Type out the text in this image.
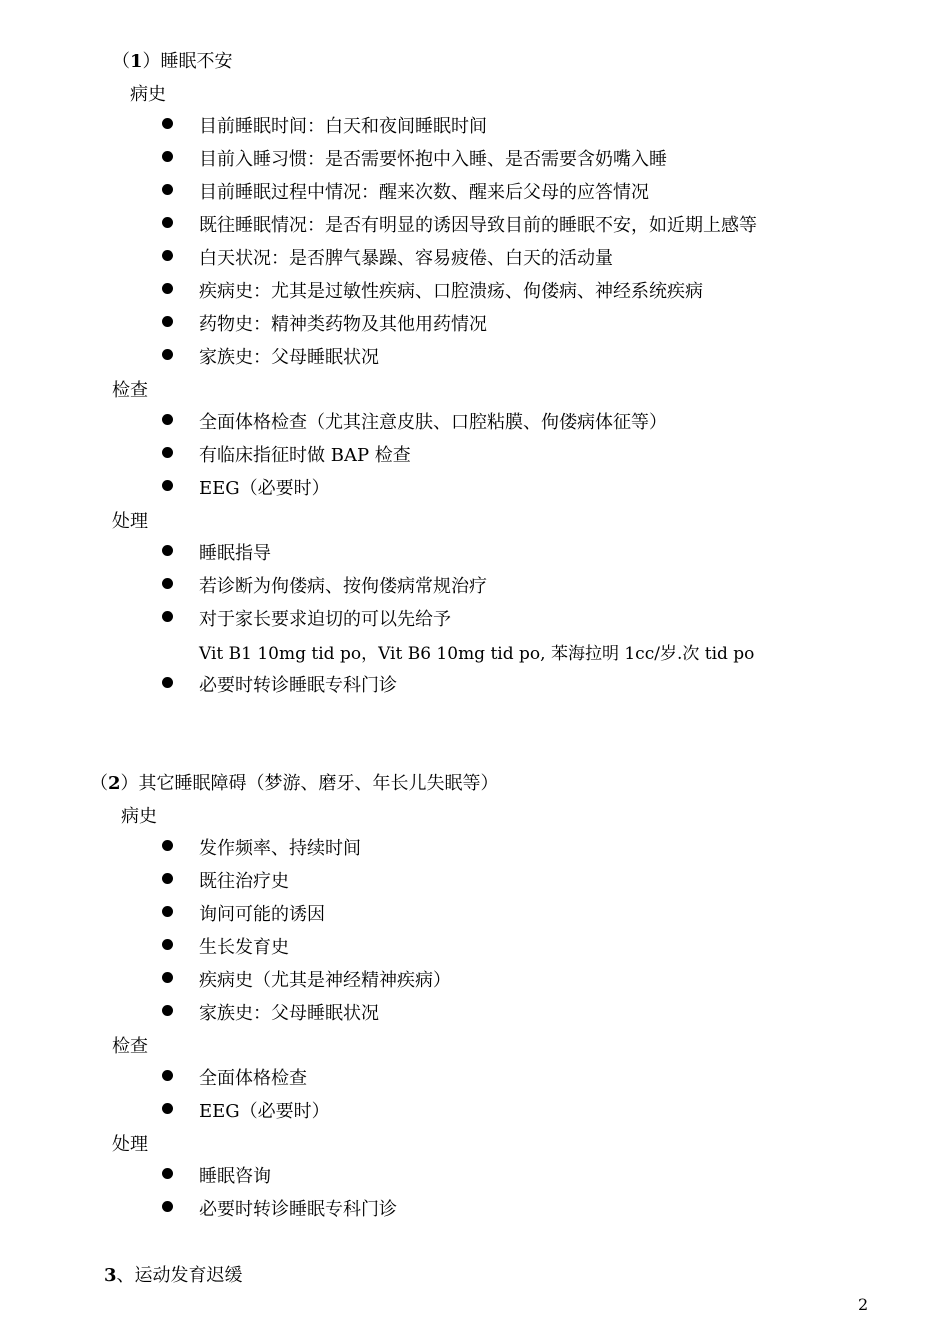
（1）睡眠不安
病史
目前睡眠时间：白天和夜间睡眠时间
目前入睡习惯：是否需要怀抱中入睡、是否需要含奶嘴入睡
目前睡眠过程中情况：醒来次数、醒来后父母的应答情况
既往睡眠情况：是否有明显的诱因导致目前的睡眠不安，如近期上感等
白天状况：是否脾气暴躁、容易疲倦、白天的活动量
疾病史：尤其是过敏性疾病、口腔溃疡、佝偻病、神经系统疾病
药物史：精神类药物及其他用药情况
家族史：父母睡眠状况
检查
全面体格检查（尤其注意皮肤、口腔粘膜、佝偻病体征等）
有临床指征时做 BAP 检查
EEG（必要时）
处理
睡眠指导
若诊断为佝偻病、按佝偻病常规治疗
对于家长要求迫切的可以先给予
Vit B1 10mg tid po，Vit B6 10mg tid po, 苯海拉明 1cc/岁.次 tid po
必要时转诊睡眠专科门诊
（2）其它睡眠障碍（梦游、磨牙、年长儿失眠等）
病史
发作频率、持续时间
既往治疗史
询问可能的诱因
生长发育史
疾病史（尤其是神经精神疾病）
家族史：父母睡眠状况
检查
全面体格检查
EEG（必要时）
处理
睡眠咨询
必要时转诊睡眠专科门诊
3、运动发育迟缓
2
